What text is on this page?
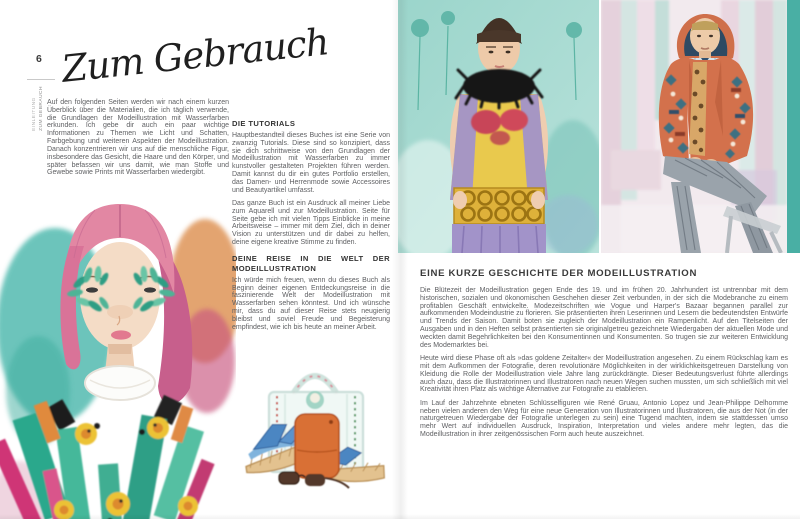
6
EINLEITUNG ZUM GEBRAUCH
Zum Gebrauch

Auf den folgenden Seiten werden wir nach einem kurzen Überblick über die Materialien, die ich täglich verwende, die Grundlagen der Modeillustration mit Wasserfarben erkunden. Ich gebe dir auch ein paar wichtige Informationen zu Themen wie Licht und Schatten, Farbgebung und weiteren Aspekten der Modeillustration. Danach konzentrieren wir uns auf die menschliche Figur, insbesondere das Gesicht, die Haare und den Körper, und später befassen wir uns damit, wie man Stoffe und Gewebe sowie Prints mit Wasserfarben wiedergibt.

DIE TUTORIALS

Hauptbestandteil dieses Buches ist eine Serie von zwanzig Tutorials. Diese sind so konzipiert, dass sie dich schrittweise von den Grundlagen der Modeillustration mit Wasserfarben zu immer kunstvoller gestalteten Projekten führen werden. Damit kannst du dir ein gutes Portfolio erstellen, das Damen- und Herrenmode sowie Accessoires und Beautyartikel umfasst.

Das ganze Buch ist ein Ausdruck all meiner Liebe zum Aquarell und zur Modeillustration. Seite für Seite gebe ich mit vielen Tipps Einblicke in meine Arbeitsweise – immer mit dem Ziel, dich in deiner Vision zu unterstützen und dir dabei zu helfen, deine eigene kreative Stimme zu finden.

DEINE REISE IN DIE WELT DER MODEILLUSTRATION

Ich würde mich freuen, wenn du dieses Buch als Beginn deiner eigenen Entdeckungsreise in die faszinierende Welt der Modeillustration mit Wasserfarben sehen könntest. Und ich wünsche mir, dass du auf dieser Reise stets neugierig bleibst und soviel Freude und Begeisterung empfindest, wie ich bis heute an meiner Arbeit.

EINE KURZE GESCHICHTE DER MODEILLUSTRATION

Die Blütezeit der Modeillustration gegen Ende des 19. und im frühen 20. Jahrhundert ist untrennbar mit dem historischen, sozialen und ökonomischen Geschehen dieser Zeit verbunden, in der sich die Modebranche zu einem profitablen Geschäft entwickelte. Modezeitschriften wie Vogue und Harper's Bazaar begannen parallel zur aufkommenden Modeindustrie zu florieren. Sie präsentierten ihren Leserinnen und Lesern die bedeutendsten Entwürfe und Trends der Saison. Damit boten sie zugleich der Modeillustration ein Rampenlicht. Auf den Titelseiten der Ausgaben und in den Heften selbst präsentierten sie originalgetreu gezeichnete Wiedergaben der aktuellen Mode und weckten damit Begehrlichkeiten bei den Konsumentinnen und Konsumenten. So trugen sie zur weiteren Entwicklung des Modemarktes bei.

Heute wird diese Phase oft als »das goldene Zeitalter« der Modeillustration angesehen. Zu einem Rückschlag kam es mit dem Aufkommen der Fotografie, deren revolutionäre Möglichkeiten in der wirklichkeitsgetreuen Darstellung von Kleidung die Rolle der Modeillustration viele Jahre lang zurückdrängte. Dieser Bedeutungsverlust führte allerdings auch dazu, dass die Illustratorinnen und Illustratoren nach neuen Wegen suchen mussten, um sich schließlich mit viel Kreativität ihren Platz als wichtige Alternative zur Fotografie zu etablieren.

Im Lauf der Jahrzehnte ebneten Schlüsselfiguren wie René Gruau, Antonio Lopez und Jean-Philippe Delhomme neben vielen anderen den Weg für eine neue Generation von Illustratorinnen und Illustratoren, die aus der Not (in der naturgetreuen Wiedergabe der Fotografie unterlegen zu sein) eine Tugend machten, indem sie stattdessen umso mehr Wert auf individuellen Ausdruck, Inspiration, Interpretation und vieles andere mehr legten, das die Modeillustration in ihrer zeitgenössischen Form auch heute auszeichnet.
